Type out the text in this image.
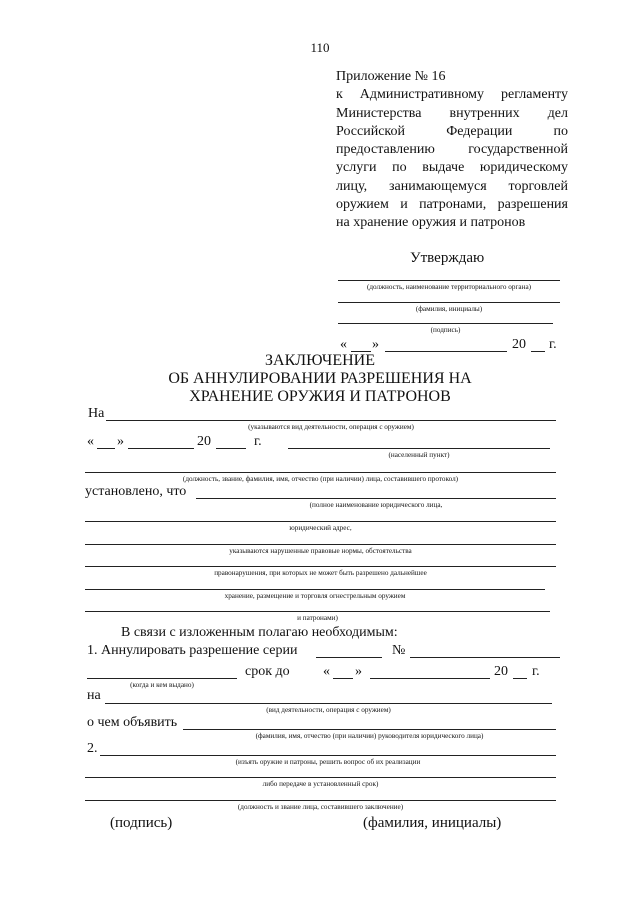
110
Приложение № 16
к Административному регламенту
Министерства внутренних дел
Российской Федерации по
предоставлению государственной
услуги по выдаче юридическому
лицу, занимающемуся торговлей
оружием и патронами, разрешения
на хранение оружия и патронов
Утверждаю
(должность, наименование территориального органа)
(фамилия, инициалы)
(подпись)
« »	20 г.
ЗАКЛЮЧЕНИЕ
ОБ АННУЛИРОВАНИИ РАЗРЕШЕНИЯ НА
ХРАНЕНИЕ ОРУЖИЯ И ПАТРОНОВ
На
(указываются вид деятельности, операция с оружием)
« »	20	г.
(населенный пункт)
(должность, звание, фамилия, имя, отчество (при наличии) лица, составившего протокол)
установлено, что
(полное наименование юридического лица,
юридический адрес,
указываются нарушенные правовые нормы, обстоятельства
правонарушения, при которых не может быть разрешено дальнейшее
хранение, размещение и торговля огнестрельным оружием
и патронами)
В связи с изложенным полагаю необходимым:
1. Аннулировать разрешение серии	№
(когда и кем выдано)
срок до « »	20 г.
на
(вид деятельности, операция с оружием)
о чем объявить
(фамилия, имя, отчество (при наличии) руководителя юридического лица)
2.
(изъять оружие и патроны, решить вопрос об их реализации
либо передаче в установленный срок)
(должность и звание лица, составившего заключение)
(подпись)	(фамилия, инициалы)
